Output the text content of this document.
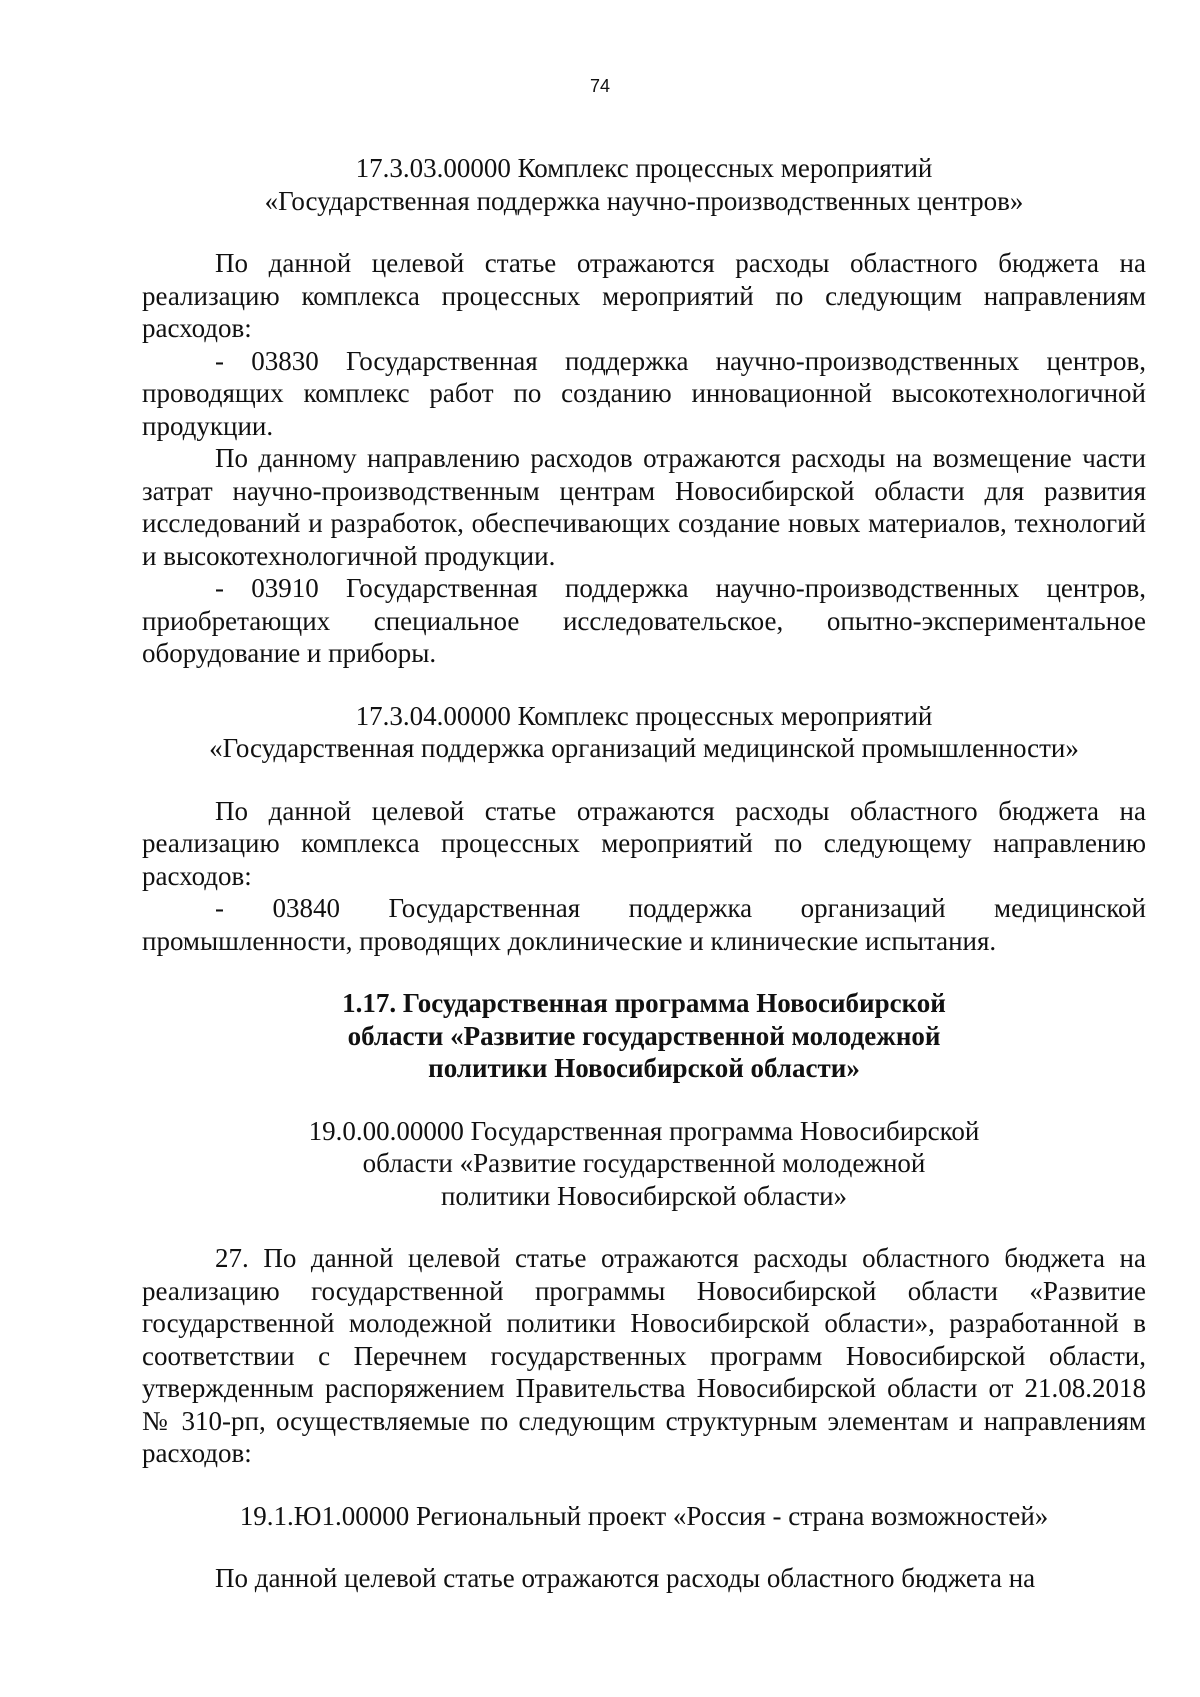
74

17.3.03.00000 Комплекс процессных мероприятий
«Государственная поддержка научно-производственных центров»

По данной целевой статье отражаются расходы областного бюджета на реализацию комплекса процессных мероприятий по следующим направлениям расходов:

- 03830 Государственная поддержка научно-производственных центров, проводящих комплекс работ по созданию инновационной высокотехнологичной продукции.

По данному направлению расходов отражаются расходы на возмещение части затрат научно-производственным центрам Новосибирской области для развития исследований и разработок, обеспечивающих создание новых материалов, технологий и высокотехнологичной продукции.

- 03910 Государственная поддержка научно-производственных центров, приобретающих специальное исследовательское, опытно-экспериментальное оборудование и приборы.

17.3.04.00000 Комплекс процессных мероприятий
«Государственная поддержка организаций медицинской промышленности»

По данной целевой статье отражаются расходы областного бюджета на реализацию комплекса процессных мероприятий по следующему направлению расходов:

- 03840 Государственная поддержка организаций медицинской промышленности, проводящих доклинические и клинические испытания.

1.17. Государственная программа Новосибирской
области «Развитие государственной молодежной
политики Новосибирской области»

19.0.00.00000 Государственная программа Новосибирской
области «Развитие государственной молодежной
политики Новосибирской области»

27. По данной целевой статье отражаются расходы областного бюджета на реализацию государственной программы Новосибирской области «Развитие государственной молодежной политики Новосибирской области», разработанной в соответствии с Перечнем государственных программ Новосибирской области, утвержденным распоряжением Правительства Новосибирской области от 21.08.2018 № 310-рп, осуществляемые по следующим структурным элементам и направлениям расходов:

19.1.Ю1.00000 Региональный проект «Россия - страна возможностей»

По данной целевой статье отражаются расходы областного бюджета на
